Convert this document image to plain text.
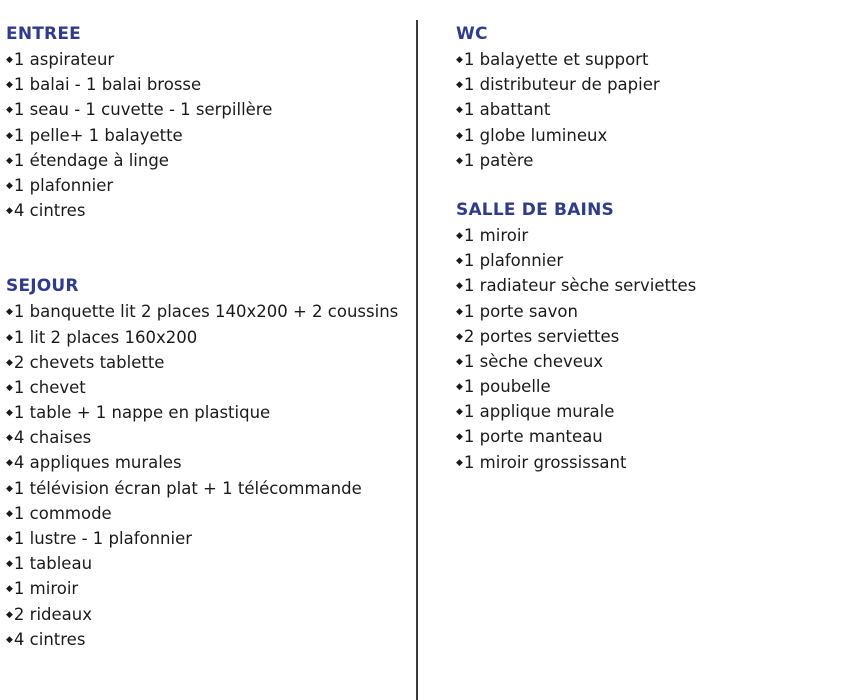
ENTREE
◆1 aspirateur
◆1 balai - 1 balai brosse
◆1 seau - 1 cuvette - 1 serpillère
◆1 pelle+ 1 balayette
◆1 étendage à linge
◆1 plafonnier
◆4 cintres
SEJOUR
◆1 banquette lit 2 places 140x200 + 2 coussins
◆1 lit 2 places 160x200
◆2 chevets tablette
◆1 chevet
◆1 table + 1 nappe en plastique
◆4 chaises
◆4 appliques murales
◆1 télévision écran plat + 1 télécommande
◆1 commode
◆1 lustre - 1 plafonnier
◆1 tableau
◆1 miroir
◆2 rideaux
◆4 cintres
WC
◆1 balayette et support
◆1 distributeur de papier
◆1 abattant
◆1 globe lumineux
◆1 patère
SALLE DE BAINS
◆1 miroir
◆1 plafonnier
◆1 radiateur sèche serviettes
◆1 porte savon
◆2 portes serviettes
◆1 sèche cheveux
◆1 poubelle
◆1 applique murale
◆1 porte manteau
◆1 miroir grossissant
